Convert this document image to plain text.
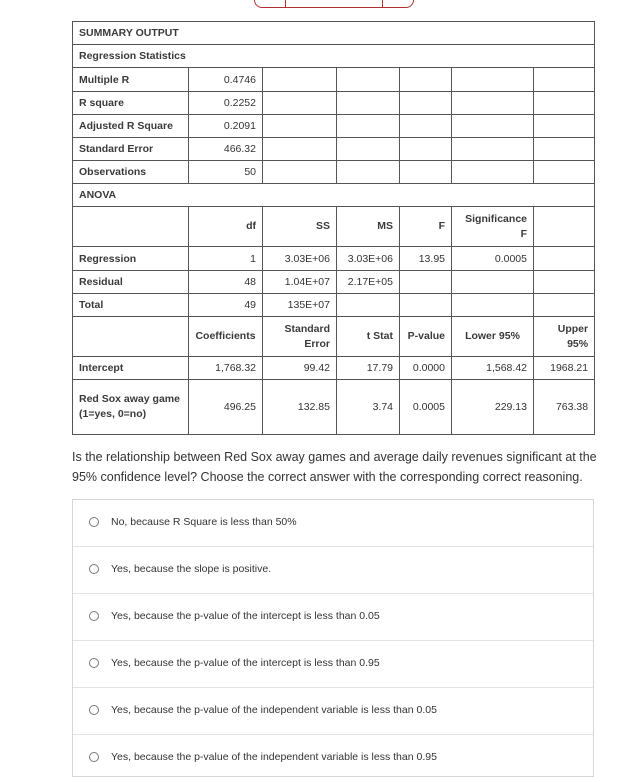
SUMMARY OUTPUT						
Regression Statistics						
Multiple R	0.4746					
R square	0.2252					
Adjusted R Square	0.2091					
Standard Error	466.32					
Observations	50					
ANOVA						
	df	SS	MS	F	Significance F	
Regression	1	3.03E+06	3.03E+06	13.95	0.0005	
Residual	48	1.04E+07	2.17E+05			
Total	49	135E+07				
	Coefficients	Standard Error	t Stat	P-value	Lower 95%	Upper 95%
Intercept	1,768.32	99.42	17.79	0.0000	1,568.42	1968.21
Red Sox away game (1=yes, 0=no)	496.25	132.85	3.74	0.0005	229.13	763.38
Is the relationship between Red Sox away games and average daily revenues significant at the 95% confidence level? Choose the correct answer with the corresponding correct reasoning.
No, because R Square is less than 50%
Yes, because the slope is positive.
Yes, because the p-value of the intercept is less than 0.05
Yes, because the p-value of the intercept is less than 0.95
Yes, because the p-value of the independent variable is less than 0.05
Yes, because the p-value of the independent variable is less than 0.95
